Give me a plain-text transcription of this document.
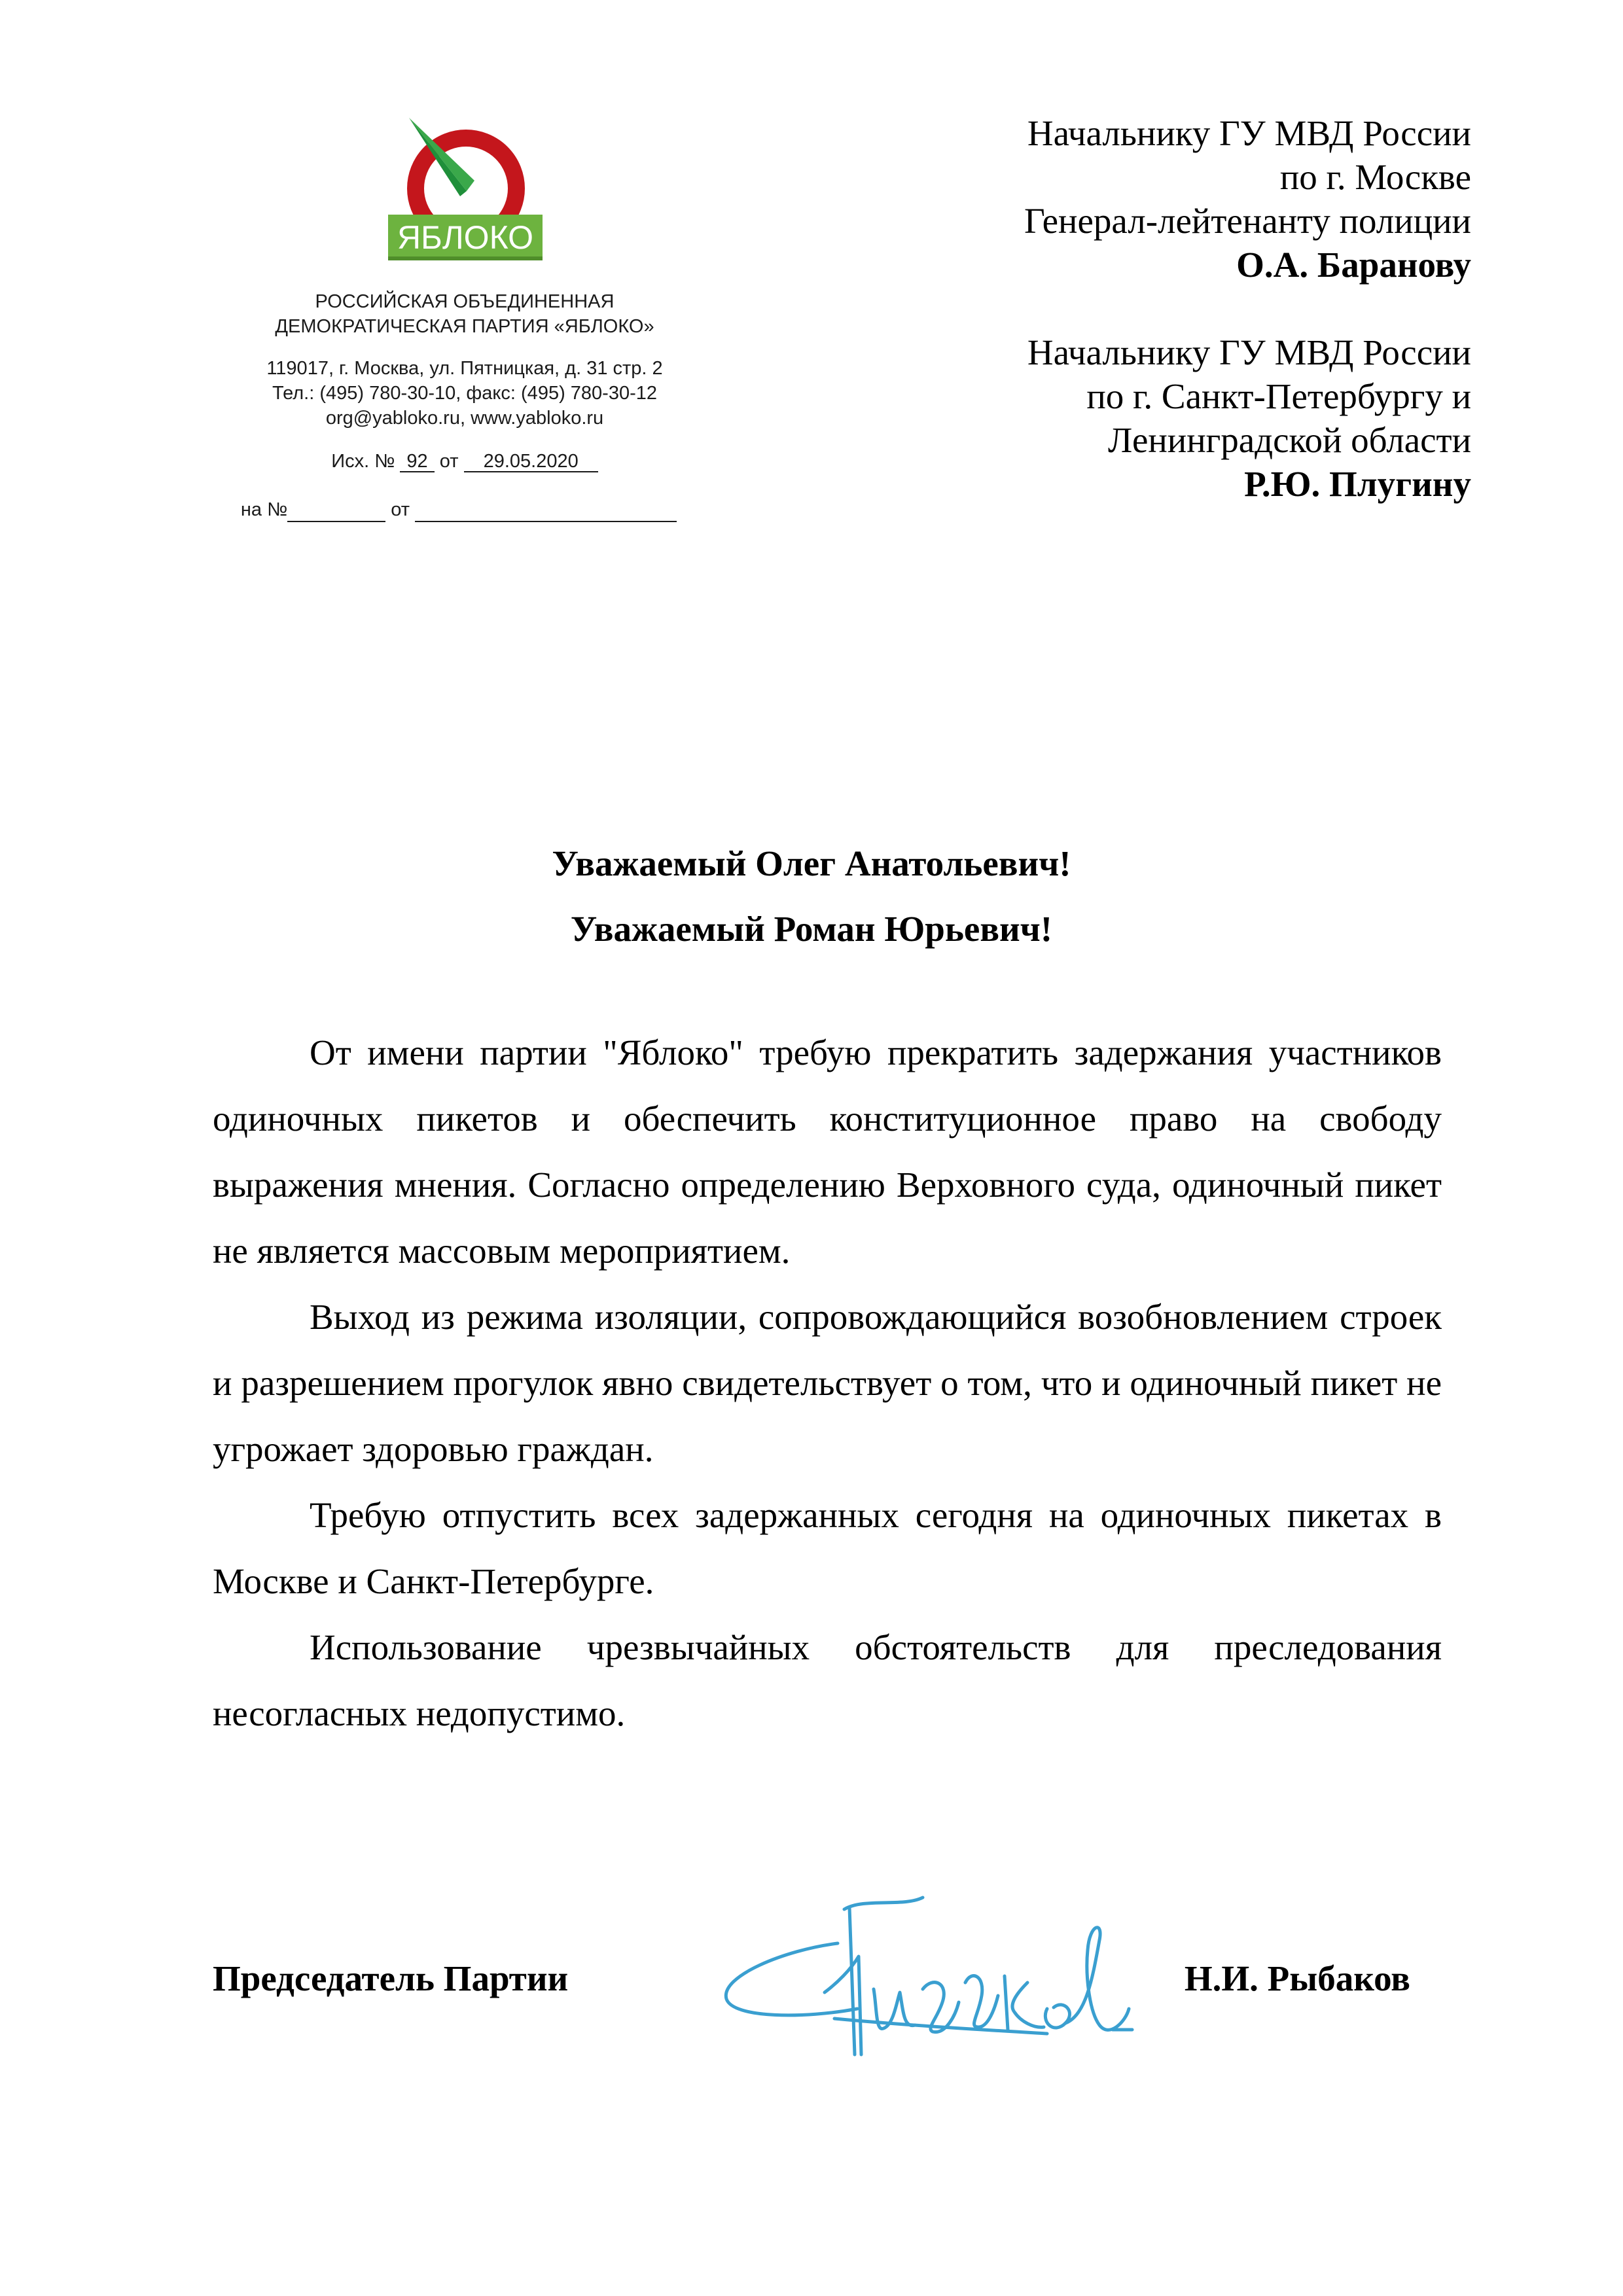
ЯБЛОКО
РОССИЙСКАЯ ОБЪЕДИНЕННАЯ
ДЕМОКРАТИЧЕСКАЯ ПАРТИЯ «ЯБЛОКО»
119017, г. Москва, ул. Пятницкая, д. 31 стр. 2
Тел.: (495) 780-30-10, факс: (495) 780-30-12
org@yabloko.ru, www.yabloko.ru
Исх. № 92 от 29.05.2020
на №	от
Начальнику ГУ МВД России
по г. Москве
Генерал-лейтенанту полиции
О.А. Баранову
Начальнику ГУ МВД России
по г. Санкт-Петербургу и
Ленинградской области
Р.Ю. Плугину
Уважаемый Олег Анатольевич!
Уважаемый Роман Юрьевич!

От имени партии "Яблоко" требую прекратить задержания участников одиночных пикетов и обеспечить конституционное право на свободу выражения мнения. Согласно определению Верховного суда, одиночный пикет не является массовым мероприятием.

Выход из режима изоляции, сопровождающийся возобновлением строек и разрешением прогулок явно свидетельствует о том, что и одиночный пикет не угрожает здоровью граждан.

Требую отпустить всех задержанных сегодня на одиночных пикетах в Москве и Санкт-Петербурге.

Использование чрезвычайных обстоятельств для преследования несогласных недопустимо.

Председатель Партии	Н.И. Рыбаков
